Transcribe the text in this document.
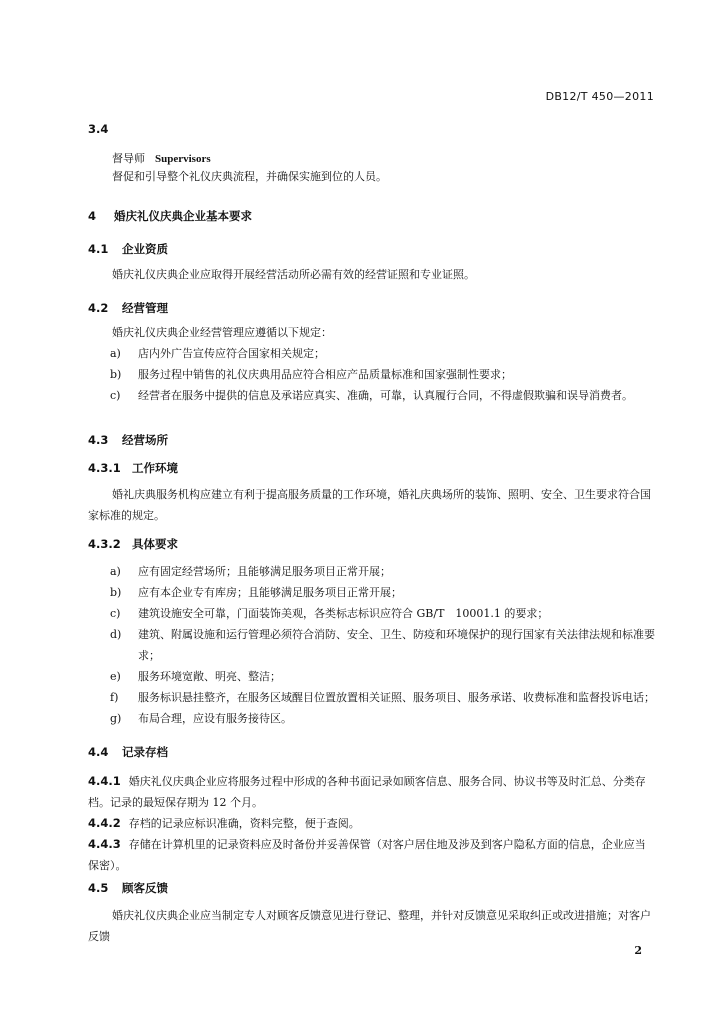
DB12/T 450—2011
3.4
督导师 Supervisors
督促和引导整个礼仪庆典流程，并确保实施到位的人员。
4 婚庆礼仪庆典企业基本要求
4.1 企业资质
婚庆礼仪庆典企业应取得开展经营活动所必需有效的经营证照和专业证照。
4.2 经营管理
婚庆礼仪庆典企业经营管理应遵循以下规定：
a)	店内外广告宣传应符合国家相关规定；
b)	服务过程中销售的礼仪庆典用品应符合相应产品质量标准和国家强制性要求；
c)	经营者在服务中提供的信息及承诺应真实、准确，可靠，认真履行合同，不得虚假欺骗和误导消费者。
4.3 经营场所
4.3.1 工作环境
婚礼庆典服务机构应建立有利于提高服务质量的工作环境，婚礼庆典场所的装饰、照明、安全、卫生要求符合国家标准的规定。
4.3.2 具体要求
a)	应有固定经营场所；且能够满足服务项目正常开展；
b)	应有本企业专有库房；且能够满足服务项目正常开展；
c)	建筑设施安全可靠，门面装饰美观，各类标志标识应符合 GB/T　10001.1 的要求；
d)	建筑、附属设施和运行管理必须符合消防、安全、卫生、防疫和环境保护的现行国家有关法律法规和标准要求；
e)	服务环境宽敞、明亮、整洁；
f)	服务标识悬挂整齐，在服务区域醒目位置放置相关证照、服务项目、服务承诺、收费标准和监督投诉电话；
g)	布局合理，应设有服务接待区。
4.4 记录存档
4.4.1 婚庆礼仪庆典企业应将服务过程中形成的各种书面记录如顾客信息、服务合同、协议书等及时汇总、分类存档。记录的最短保存期为 12 个月。
4.4.2 存档的记录应标识准确，资料完整，便于查阅。
4.4.3 存储在计算机里的记录资料应及时备份并妥善保管（对客户居住地及涉及到客户隐私方面的信息，企业应当保密）。
4.5 顾客反馈
婚庆礼仪庆典企业应当制定专人对顾客反馈意见进行登记、整理，并针对反馈意见采取纠正或改进措施；对客户反馈
2
